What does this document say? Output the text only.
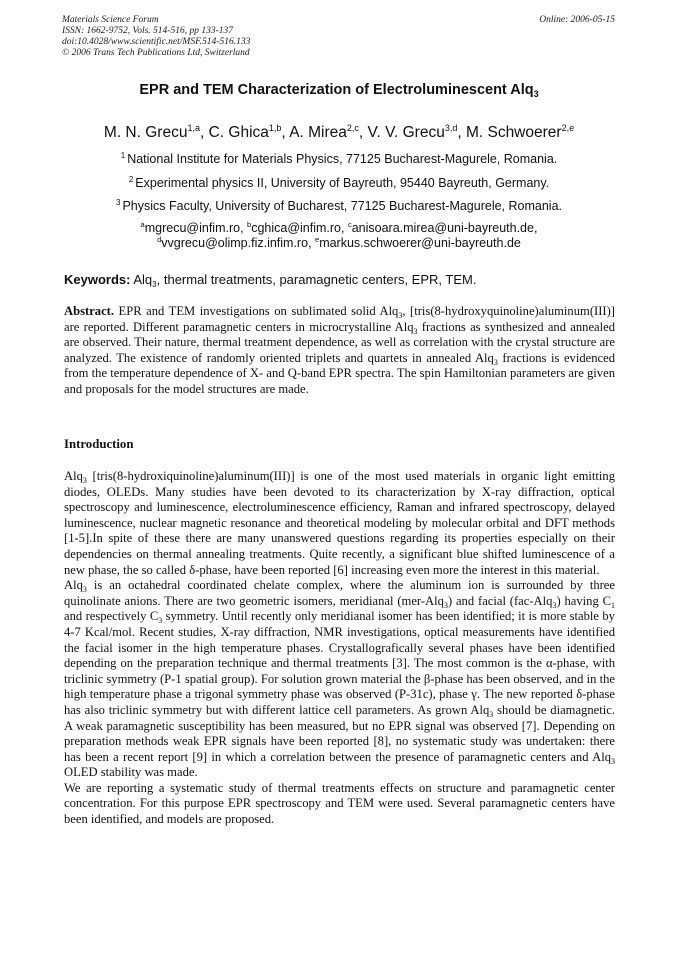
Materials Science Forum
ISSN: 1662-9752, Vols. 514-516, pp 133-137
doi:10.4028/www.scientific.net/MSF.514-516.133
© 2006 Trans Tech Publications Ltd, Switzerland
Online: 2006-05-15
EPR and TEM Characterization of Electroluminescent Alq$_3$
M. N. Grecu$^{1,a}$, C. Ghica$^{1,b}$, A. Mirea$^{2,c}$, V. V. Grecu$^{3,d}$, M. Schwoerer$^{2,e}$
$^1$ National Institute for Materials Physics, 77125 Bucharest-Magurele, Romania.
$^2$ Experimental physics II, University of Bayreuth, 95440 Bayreuth, Germany.
$^3$ Physics Faculty, University of Bucharest, 77125 Bucharest-Magurele, Romania.
$^a$mgrecu@infim.ro, $^b$cghica@infim.ro, $^c$anisoara.mirea@uni-bayreuth.de,
$^d$vvgrecu@olimp.fiz.infim.ro, $^e$markus.schwoerer@uni-bayreuth.de
Keywords: Alq$_3$, thermal treatments, paramagnetic centers, EPR, TEM.
Abstract. EPR and TEM investigations on sublimated solid Alq$_3$, [tris(8-hydroxyquinoline)aluminum(III)] are reported. Different paramagnetic centers in microcrystalline Alq$_3$ fractions as synthesized and annealed are observed. Their nature, thermal treatment dependence, as well as correlation with the crystal structure are analyzed. The existence of randomly oriented triplets and quartets in annealed Alq$_3$ fractions is evidenced from the temperature dependence of X- and Q-band EPR spectra. The spin Hamiltonian parameters are given and proposals for the model structures are made.
Introduction

Alq$_3$ [tris(8-hydroxiquinoline)aluminum(III)] is one of the most used materials in organic light emitting diodes, OLEDs. Many studies have been devoted to its characterization by X-ray diffraction, optical spectroscopy and luminescence, electroluminescence efficiency, Raman and infrared spectroscopy, delayed luminescence, nuclear magnetic resonance and theoretical modeling by molecular orbital and DFT methods [1-5].In spite of these there are many unanswered questions regarding its properties especially on their dependencies on thermal annealing treatments. Quite recently, a significant blue shifted luminescence of a new phase, the so called δ-phase, have been reported [6] increasing even more the interest in this material.

Alq$_3$ is an octahedral coordinated chelate complex, where the aluminum ion is surrounded by three quinolinate anions. There are two geometric isomers, meridianal (mer-Alq$_3$) and facial (fac-Alq$_3$) having $C_1$ and respectively $C_3$ symmetry. Until recently only meridianal isomer has been identified; it is more stable by 4-7 Kcal/mol. Recent studies, X-ray diffraction, NMR investigations, optical measurements have identified the facial isomer in the high temperature phases. Crystallografically several phases have been identified depending on the preparation technique and thermal treatments [3]. The most common is the α-phase, with triclinic symmetry (P-1 spatial group). For solution grown material the β-phase has been observed, and in the high temperature phase a trigonal symmetry phase was observed (P-31c), phase γ. The new reported δ-phase has also triclinic symmetry but with different lattice cell parameters. As grown Alq$_3$ should be diamagnetic. A weak paramagnetic susceptibility has been measured, but no EPR signal was observed [7]. Depending on preparation methods weak EPR signals have been reported [8], no systematic study was undertaken: there has been a recent report [9] in which a correlation between the presence of paramagnetic centers and Alq$_3$ OLED stability was made.

We are reporting a systematic study of thermal treatments effects on structure and paramagnetic center concentration. For this purpose EPR spectroscopy and TEM were used. Several paramagnetic centers have been identified, and models are proposed.
